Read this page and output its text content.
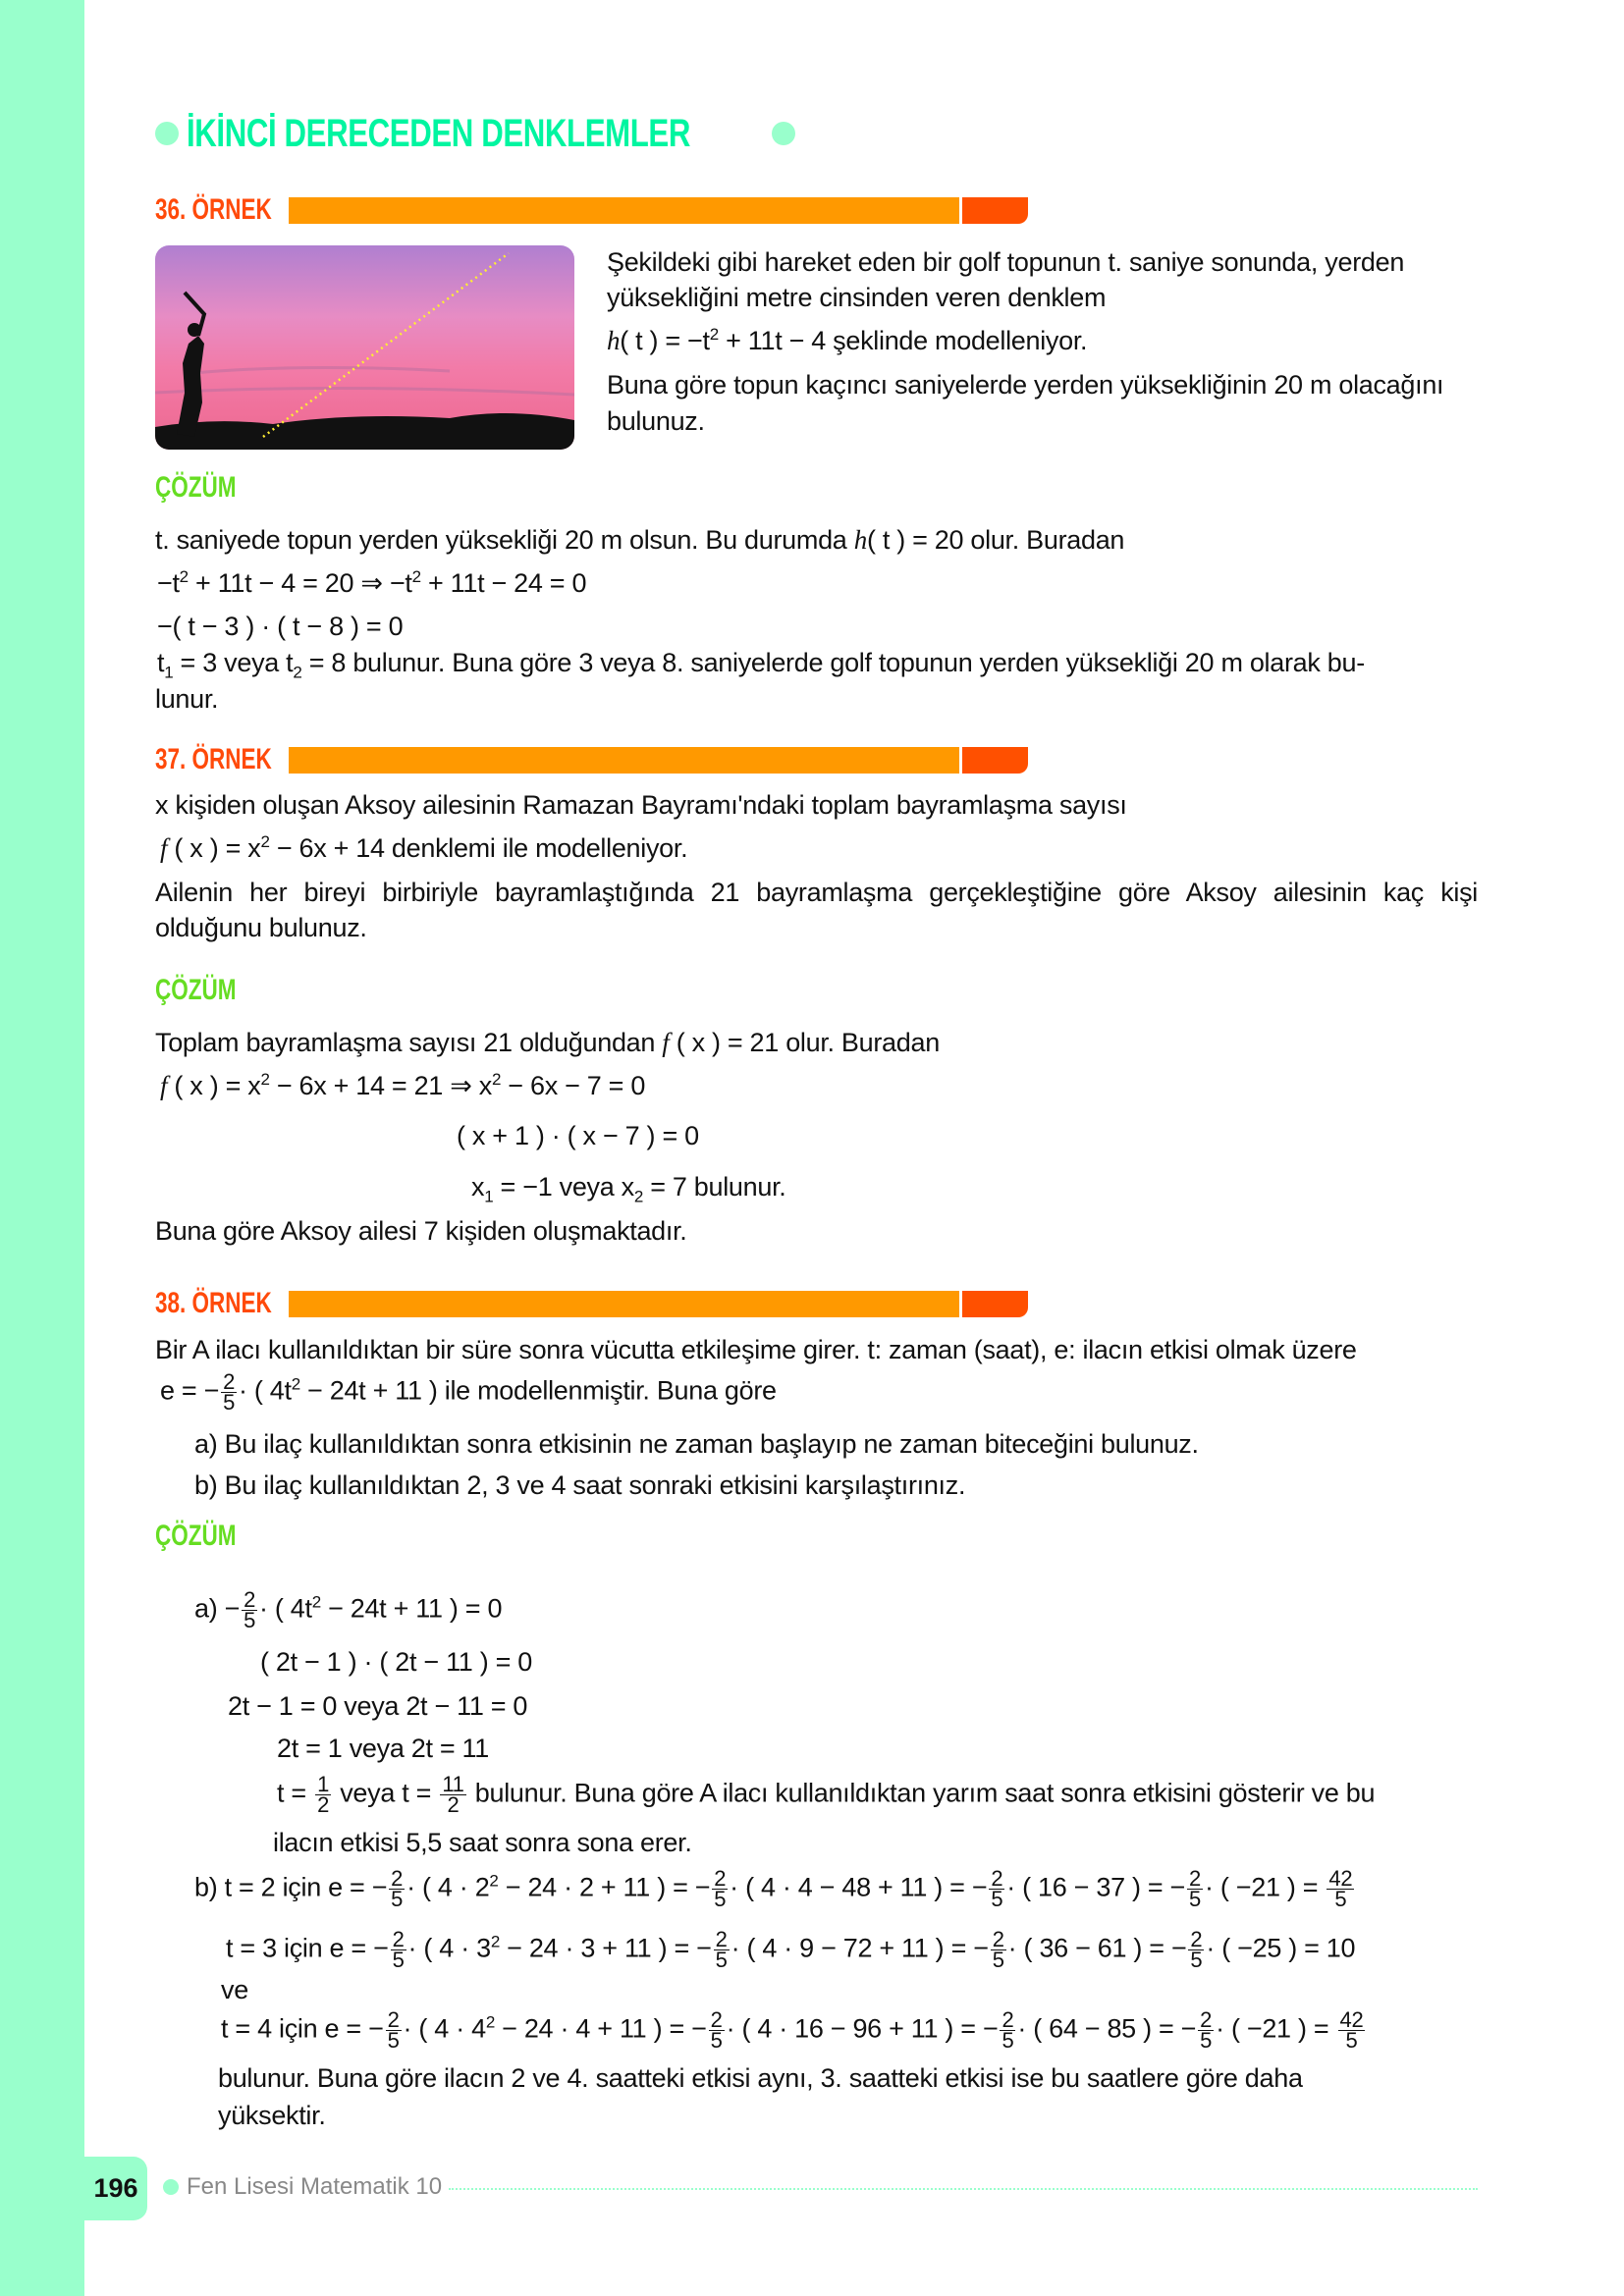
İKİNCİ DERECEDEN DENKLEMLER
36. ÖRNEK
Şekildeki gibi hareket eden bir golf topunun t. saniye sonunda, yerden
yüksekliğini metre cinsinden veren denklem
h( t ) = $-t^2 + 11t - 4$ şeklinde modelleniyor.
Buna göre topun kaçıncı saniyelerde yerden yüksekliğinin 20 m olacağını
bulunuz.
ÇÖZÜM
t. saniyede topun yerden yüksekliği 20 m olsun. Bu durumda h( t ) = 20 olur. Buradan
$-t^2 + 11t - 4 = 20$ ⇒ $-t^2 + 11t - 24 = 0$
−( t − 3 ) · ( t − 8 ) = 0
$t_1 = 3$ veya $t_2 = 8$ bulunur. Buna göre 3 veya 8. saniyelerde golf topunun yerden yüksekliği 20 m olarak bu-
lunur.
37. ÖRNEK
x kişiden oluşan Aksoy ailesinin Ramazan Bayramı'ndaki toplam bayramlaşma sayısı
f ( x ) = $x^2 - 6x + 14$ denklemi ile modelleniyor.
Ailenin her bireyi birbiriyle bayramlaştığında 21 bayramlaşma gerçekleştiğine göre Aksoy ailesinin kaç kişi
olduğunu bulunuz.
ÇÖZÜM
Toplam bayramlaşma sayısı 21 olduğundan f ( x ) = 21 olur. Buradan
f ( x ) = $x^2 - 6x + 14 = 21$ ⇒ $x^2 - 6x - 7 = 0$
( x + 1 ) · ( x − 7 ) = 0
$x_1 = -1$ veya $x_2 = 7$ bulunur.
Buna göre Aksoy ailesi 7 kişiden oluşmaktadır.
38. ÖRNEK
Bir A ilacı kullanıldıktan bir süre sonra vücutta etkileşime girer. t: zaman (saat), e: ilacın etkisi olmak üzere
e = − $\frac{2}{5}$ · ( $4t^2 - 24t + 11$ ) ile modellenmiştir. Buna göre
a) Bu ilaç kullanıldıktan sonra etkisinin ne zaman başlayıp ne zaman biteceğini bulunuz.
b) Bu ilaç kullanıldıktan 2, 3 ve 4 saat sonraki etkisini karşılaştırınız.
ÇÖZÜM
$a) - \frac{2}{5}$ · ( $4t^2 - 24t + 11$ ) = 0
( 2t − 1 ) · ( 2t − 11 ) = 0
2t − 1 = 0 veya 2t − 11 = 0
2t = 1 veya 2t = 11
$t = \frac{1}{2}$ veya $t = \frac{11}{2}$ bulunur. Buna göre A ilacı kullanıldıktan yarım saat sonra etkisini gösterir ve bu
ilacın etkisi 5,5 saat sonra sona erer.
b) t = 2 için e = − $\frac{2}{5}$ · ( $4 \cdot 2^2 - 24 \cdot 2 + 11$ ) = − $\frac{2}{5}$ · ( 4 · 4 − 48 + 11 ) = − $\frac{2}{5}$ · ( 16 − 37 ) = − $\frac{2}{5}$ · ( −21 ) = $\frac{42}{5}$
t = 3 için e = − $\frac{2}{5}$ · ( $4 \cdot 3^2 - 24 \cdot 3 + 11$ ) = − $\frac{2}{5}$ · ( 4 · 9 − 72 + 11 ) = − $\frac{2}{5}$ · ( 36 − 61 ) = − $\frac{2}{5}$ · ( −25 ) = 10
ve
t = 4 için e = − $\frac{2}{5}$ · ( $4 \cdot 4^2 - 24 \cdot 4 + 11$ ) = − $\frac{2}{5}$ · ( 4 · 16 − 96 + 11 ) = − $\frac{2}{5}$ · ( 64 − 85 ) = − $\frac{2}{5}$ · ( −21 ) = $\frac{42}{5}$
bulunur. Buna göre ilacın 2 ve 4. saatteki etkisi aynı, 3. saatteki etkisi ise bu saatlere göre daha
yüksektir.
196	Fen Lisesi Matematik 10
